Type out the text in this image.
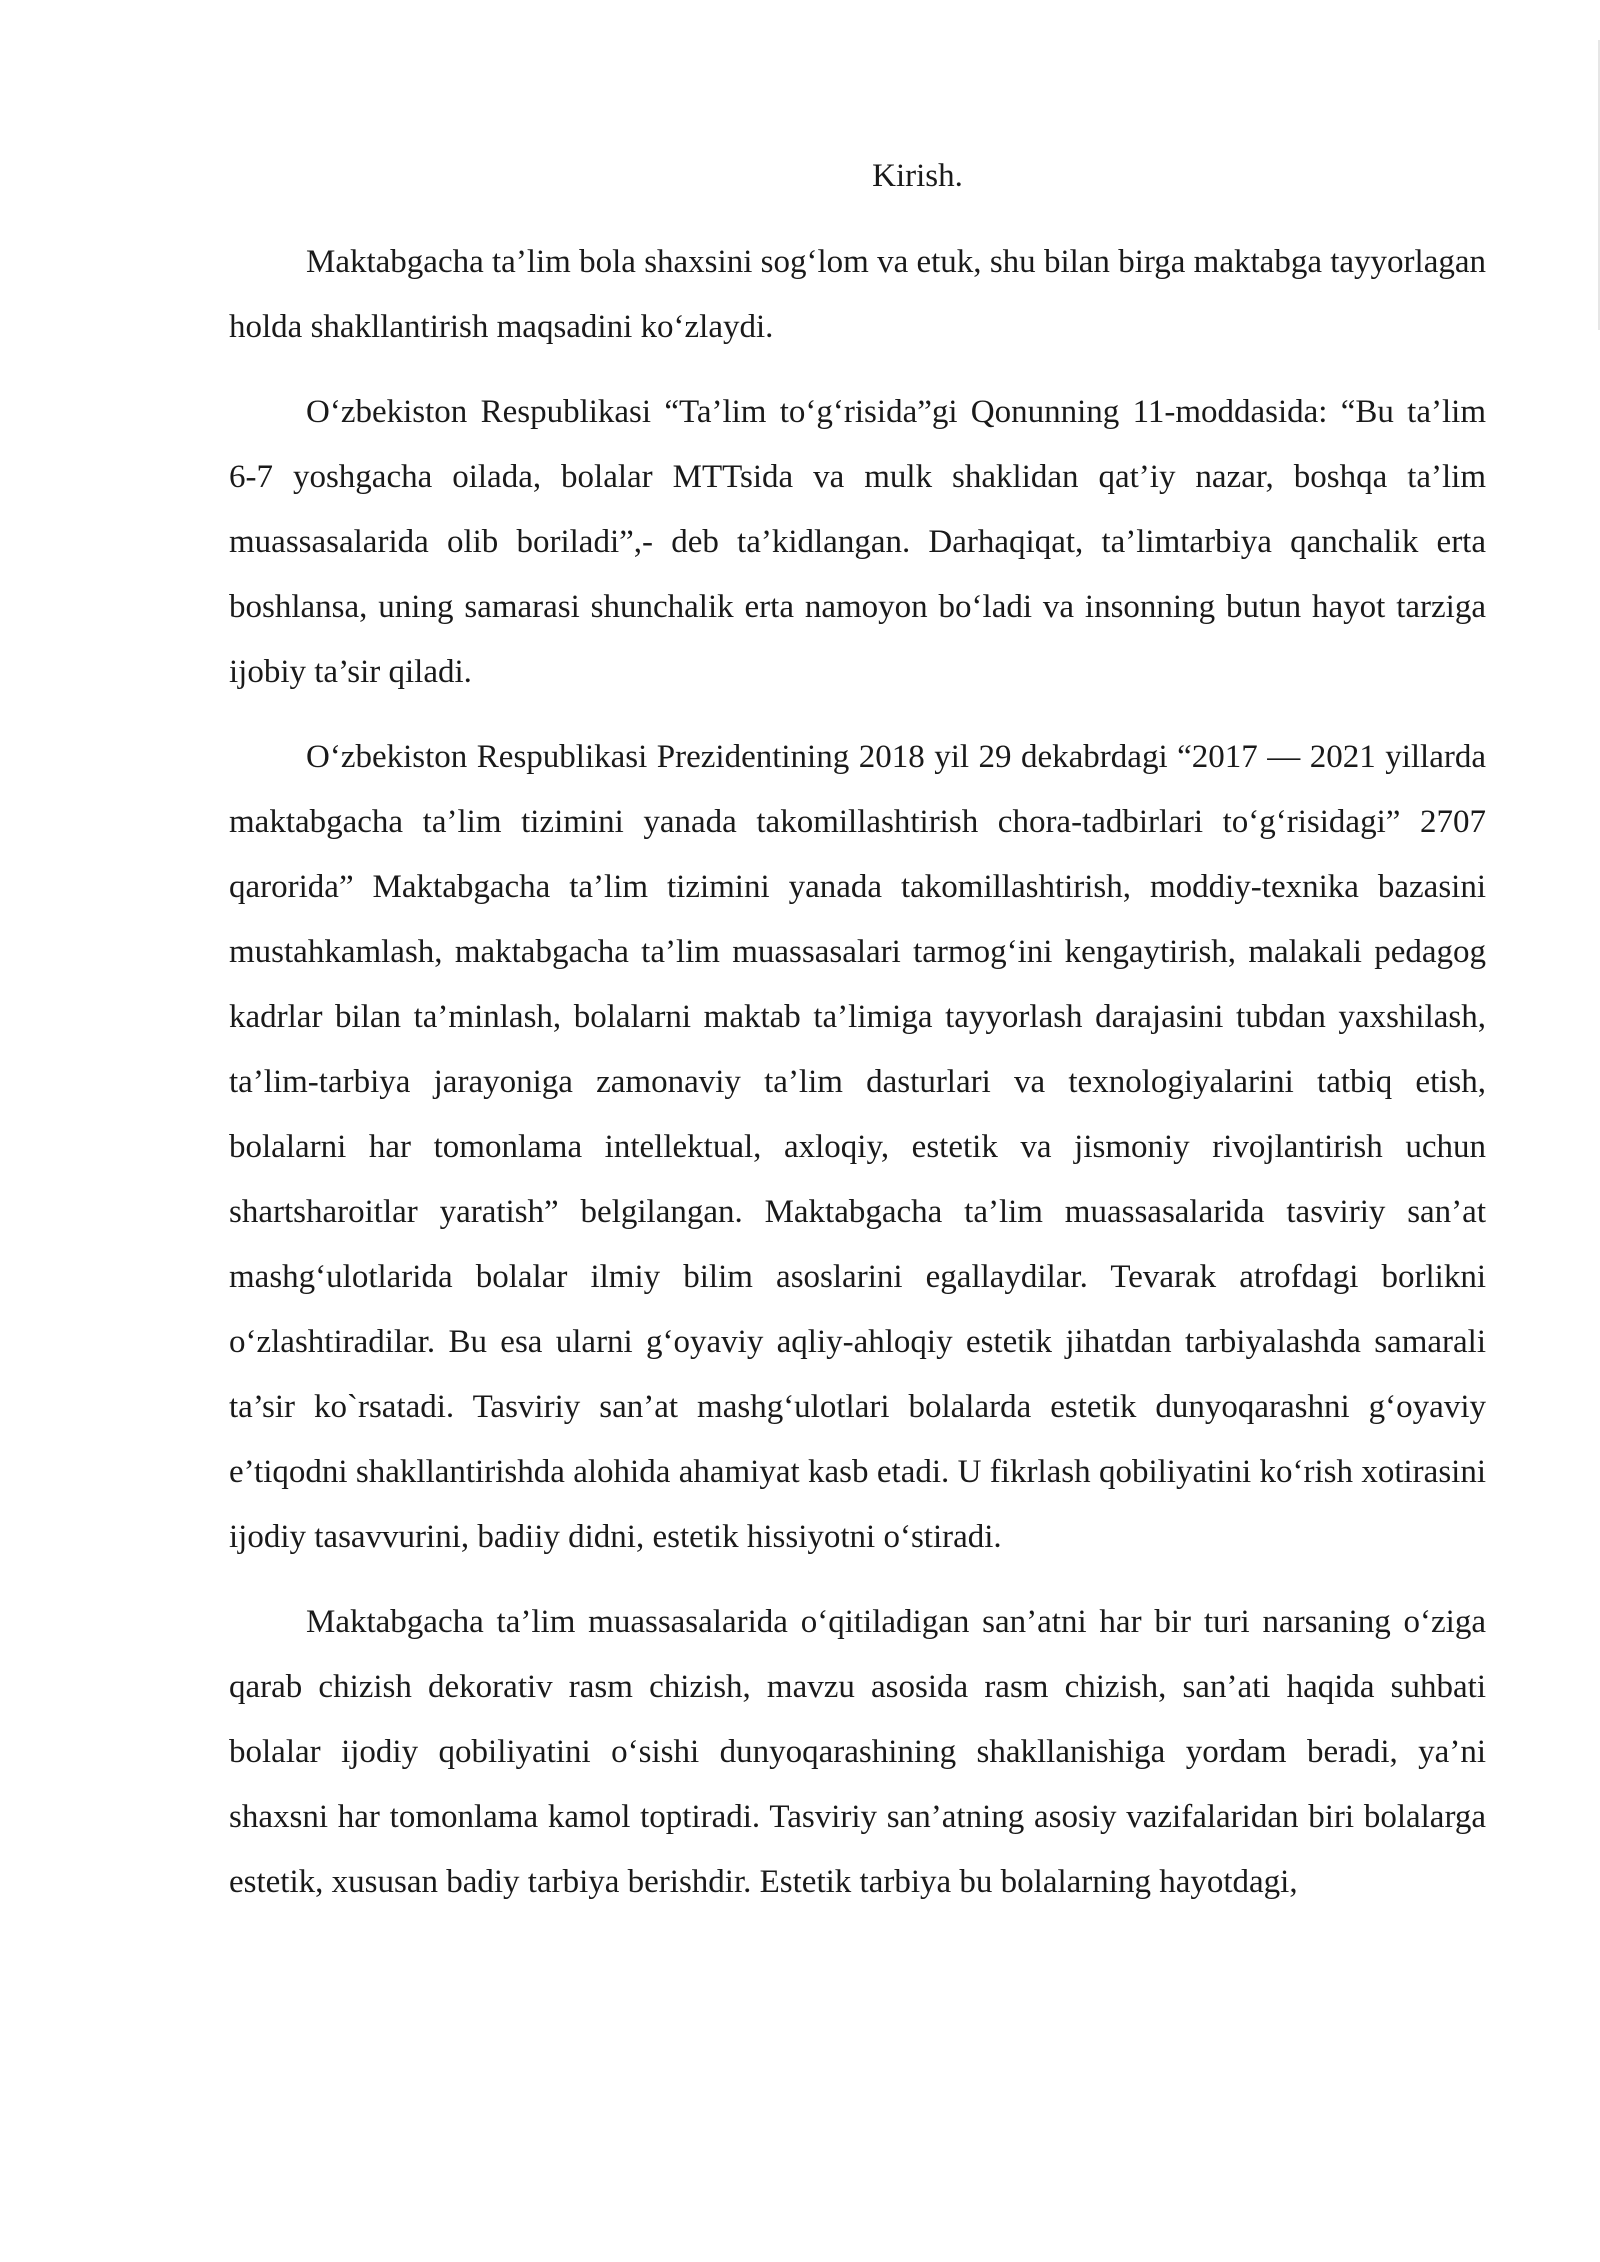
Kirish.

Maktabgacha ta’lim bola shaxsini sog‘lom va etuk, shu bilan birga maktabga tayyorlagan holda shakllantirish maqsadini ko‘zlaydi.

O‘zbekiston Respublikasi “Ta’lim to‘g‘risida”gi Qonunning 11-moddasida: “Bu ta’lim 6-7 yoshgacha oilada, bolalar MTTsida va mulk shaklidan qat’iy nazar, boshqa ta’lim muassasalarida olib boriladi”,- deb ta’kidlangan. Darhaqiqat, ta’limtarbiya qanchalik erta boshlansa, uning samarasi shunchalik erta namoyon bo‘ladi va insonning butun hayot tarziga ijobiy ta’sir qiladi.

O‘zbekiston Respublikasi Prezidentining 2018 yil 29 dekabrdagi “2017 — 2021 yillarda maktabgacha ta’lim tizimini yanada takomillashtirish chora-tadbirlari to‘g‘risidagi” 2707 qarorida” Maktabgacha ta’lim tizimini yanada takomillashtirish, moddiy-texnika bazasini mustahkamlash, maktabgacha ta’lim muassasalari tarmog‘ini kengaytirish, malakali pedagog kadrlar bilan ta’minlash, bolalarni maktab ta’limiga tayyorlash darajasini tubdan yaxshilash, ta’lim-tarbiya jarayoniga zamonaviy ta’lim dasturlari va texnologiyalarini tatbiq etish, bolalarni har tomonlama intellektual, axloqiy, estetik va jismoniy rivojlantirish uchun shartsharoitlar yaratish” belgilangan. Maktabgacha ta’lim muassasalarida tasviriy san’at mashg‘ulotlarida bolalar ilmiy bilim asoslarini egallaydilar. Tevarak atrofdagi borlikni o‘zlashtiradilar. Bu esa ularni g‘oyaviy aqliy-ahloqiy estetik jihatdan tarbiyalashda samarali ta’sir ko`rsatadi. Tasviriy san’at mashg‘ulotlari bolalarda estetik dunyoqarashni g‘oyaviy e’tiqodni shakllantirishda alohida ahamiyat kasb etadi. U fikrlash qobiliyatini ko‘rish xotirasini ijodiy tasavvurini, badiiy didni, estetik hissiyotni o‘stiradi.

Maktabgacha ta’lim muassasalarida o‘qitiladigan san’atni har bir turi narsaning o‘ziga qarab chizish dekorativ rasm chizish, mavzu asosida rasm chizish, san’ati haqida suhbati bolalar ijodiy qobiliyatini o‘sishi dunyoqarashining shakllanishiga yordam beradi, ya’ni shaxsni har tomonlama kamol toptiradi. Tasviriy san’atning asosiy vazifalaridan biri bolalarga estetik, xususan badiy tarbiya berishdir. Estetik tarbiya bu bolalarning hayotdagi,
